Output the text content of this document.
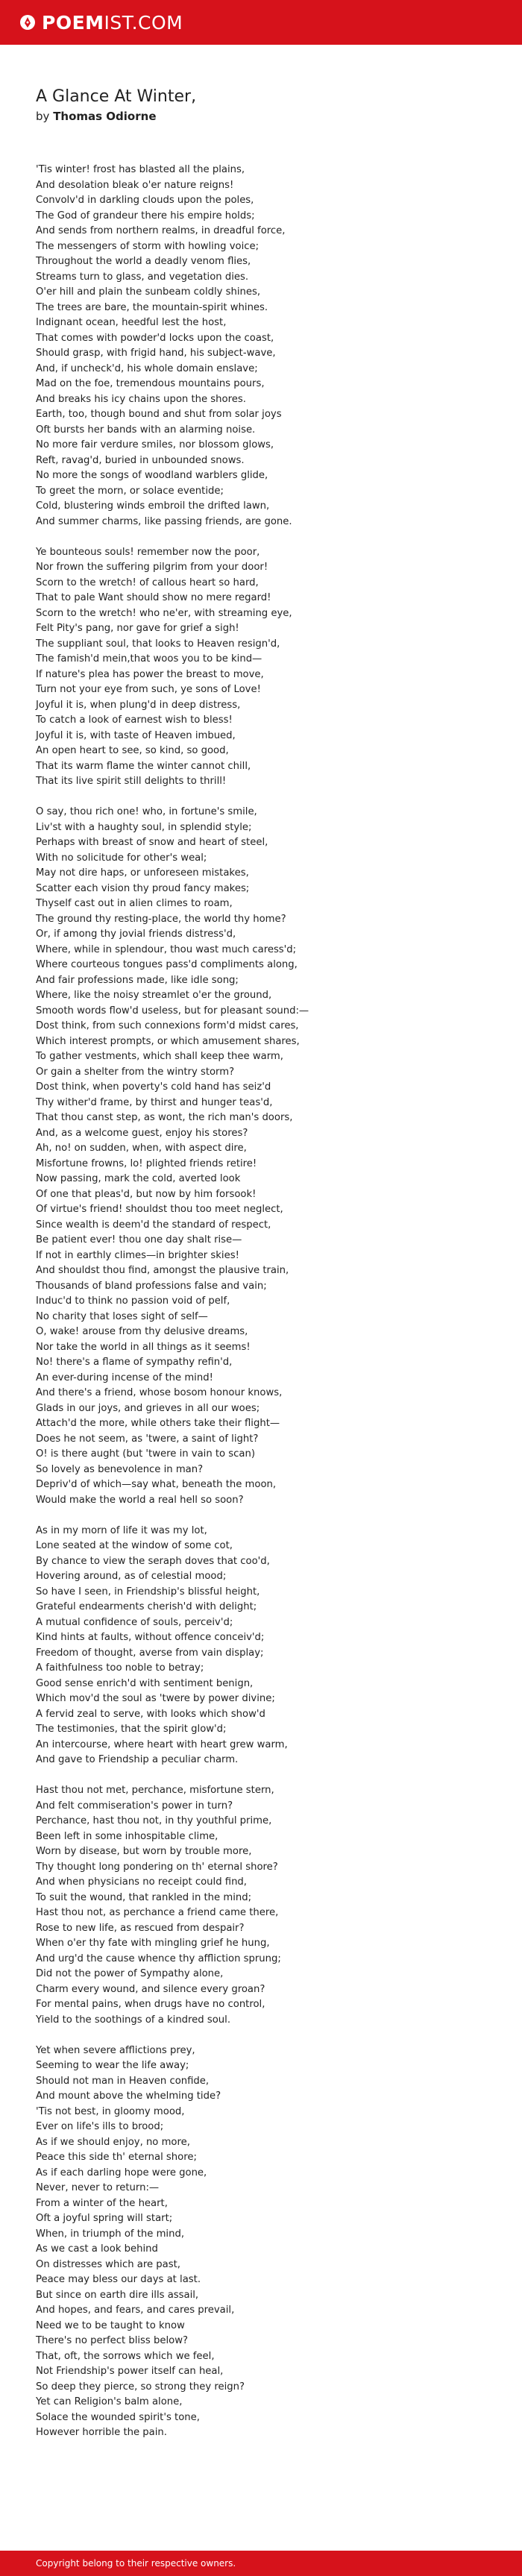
POEMIST.COM
A Glance At Winter,
by Thomas Odiorne
'Tis winter! frost has blasted all the plains,
And desolation bleak o'er nature reigns!
Convolv'd in darkling clouds upon the poles,
The God of grandeur there his empire holds;
And sends from northern realms, in dreadful force,
The messengers of storm with howling voice;
Throughout the world a deadly venom flies,
Streams turn to glass, and vegetation dies.
O'er hill and plain the sunbeam coldly shines,
The trees are bare, the mountain-spirit whines.
Indignant ocean, heedful lest the host,
That comes with powder'd locks upon the coast,
Should grasp, with frigid hand, his subject-wave,
And, if uncheck'd, his whole domain enslave;
Mad on the foe, tremendous mountains pours,
And breaks his icy chains upon the shores.
Earth, too, though bound and shut from solar joys
Oft bursts her bands with an alarming noise.
No more fair verdure smiles, nor blossom glows,
Reft, ravag'd, buried in unbounded snows.
No more the songs of woodland warblers glide,
To greet the morn, or solace eventide;
Cold, blustering winds embroil the drifted lawn,
And summer charms, like passing friends, are gone.
Ye bounteous souls! remember now the poor,
Nor frown the suffering pilgrim from your door!
Scorn to the wretch! of callous heart so hard,
That to pale Want should show no mere regard!
Scorn to the wretch! who ne'er, with streaming eye,
Felt Pity's pang, nor gave for grief a sigh!
The suppliant soul, that looks to Heaven resign'd,
The famish'd mein,that woos you to be kind—
If nature's plea has power the breast to move,
Turn not your eye from such, ye sons of Love!
Joyful it is, when plung'd in deep distress,
To catch a look of earnest wish to bless!
Joyful it is, with taste of Heaven imbued,
An open heart to see, so kind, so good,
That its warm flame the winter cannot chill,
That its live spirit still delights to thrill!
O say, thou rich one! who, in fortune's smile,
Liv'st with a haughty soul, in splendid style;
Perhaps with breast of snow and heart of steel,
With no solicitude for other's weal;
May not dire haps, or unforeseen mistakes,
Scatter each vision thy proud fancy makes;
Thyself cast out in alien climes to roam,
The ground thy resting-place, the world thy home?
Or, if among thy jovial friends distress'd,
Where, while in splendour, thou wast much caress'd;
Where courteous tongues pass'd compliments along,
And fair professions made, like idle song;
Where, like the noisy streamlet o'er the ground,
Smooth words flow'd useless, but for pleasant sound:—
Dost think, from such connexions form'd midst cares,
Which interest prompts, or which amusement shares,
To gather vestments, which shall keep thee warm,
Or gain a shelter from the wintry storm?
Dost think, when poverty's cold hand has seiz'd
Thy wither'd frame, by thirst and hunger teas'd,
That thou canst step, as wont, the rich man's doors,
And, as a welcome guest, enjoy his stores?
Ah, no! on sudden, when, with aspect dire,
Misfortune frowns, lo! plighted friends retire!
Now passing, mark the cold, averted look
Of one that pleas'd, but now by him forsook!
Of virtue's friend! shouldst thou too meet neglect,
Since wealth is deem'd the standard of respect,
Be patient ever! thou one day shalt rise—
If not in earthly climes—in brighter skies!
And shouldst thou find, amongst the plausive train,
Thousands of bland professions false and vain;
Induc'd to think no passion void of pelf,
No charity that loses sight of self—
O, wake! arouse from thy delusive dreams,
Nor take the world in all things as it seems!
No! there's a flame of sympathy refin'd,
An ever-during incense of the mind!
And there's a friend, whose bosom honour knows,
Glads in our joys, and grieves in all our woes;
Attach'd the more, while others take their flight—
Does he not seem, as 'twere, a saint of light?
O! is there aught (but 'twere in vain to scan)
So lovely as benevolence in man?
Depriv'd of which—say what, beneath the moon,
Would make the world a real hell so soon?
As in my morn of life it was my lot,
Lone seated at the window of some cot,
By chance to view the seraph doves that coo'd,
Hovering around, as of celestial mood;
So have I seen, in Friendship's blissful height,
Grateful endearments cherish'd with delight;
A mutual confidence of souls, perceiv'd;
Kind hints at faults, without offence conceiv'd;
Freedom of thought, averse from vain display;
A faithfulness too noble to betray;
Good sense enrich'd with sentiment benign,
Which mov'd the soul as 'twere by power divine;
A fervid zeal to serve, with looks which show'd
The testimonies, that the spirit glow'd;
An intercourse, where heart with heart grew warm,
And gave to Friendship a peculiar charm.
Hast thou not met, perchance, misfortune stern,
And felt commiseration's power in turn?
Perchance, hast thou not, in thy youthful prime,
Been left in some inhospitable clime,
Worn by disease, but worn by trouble more,
Thy thought long pondering on th' eternal shore?
And when physicians no receipt could find,
To suit the wound, that rankled in the mind;
Hast thou not, as perchance a friend came there,
Rose to new life, as rescued from despair?
When o'er thy fate with mingling grief he hung,
And urg'd the cause whence thy affliction sprung;
Did not the power of Sympathy alone,
Charm every wound, and silence every groan?
For mental pains, when drugs have no control,
Yield to the soothings of a kindred soul.
Yet when severe afflictions prey,
Seeming to wear the life away;
Should not man in Heaven confide,
And mount above the whelming tide?
'Tis not best, in gloomy mood,
Ever on life's ills to brood;
As if we should enjoy, no more,
Peace this side th' eternal shore;
As if each darling hope were gone,
Never, never to return:—
From a winter of the heart,
Oft a joyful spring will start;
When, in triumph of the mind,
As we cast a look behind
On distresses which are past,
Peace may bless our days at last.
But since on earth dire ills assail,
And hopes, and fears, and cares prevail,
Need we to be taught to know
There's no perfect bliss below?
That, oft, the sorrows which we feel,
Not Friendship's power itself can heal,
So deep they pierce, so strong they reign?
Yet can Religion's balm alone,
Solace the wounded spirit's tone,
However horrible the pain.
Copyright belong to their respective owners.
